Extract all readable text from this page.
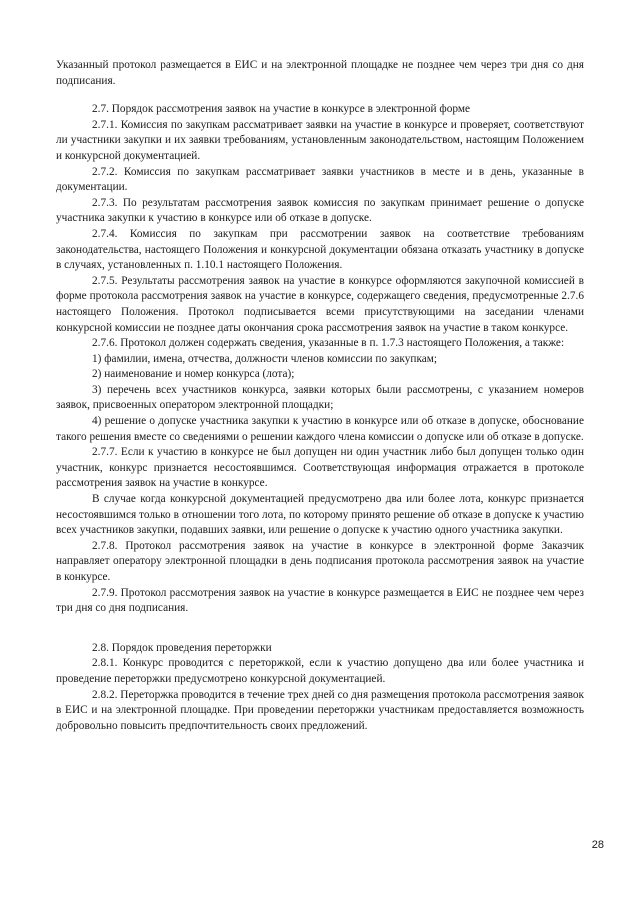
Указанный протокол размещается в ЕИС и на электронной площадке не позднее чем через три дня со дня подписания.

2.7. Порядок рассмотрения заявок на участие в конкурсе в электронной форме

2.7.1. Комиссия по закупкам рассматривает заявки на участие в конкурсе и проверяет, соответствуют ли участники закупки и их заявки требованиям, установленным законодательством, настоящим Положением и конкурсной документацией.

2.7.2. Комиссия по закупкам рассматривает заявки участников в месте и в день, указанные в документации.

2.7.3. По результатам рассмотрения заявок комиссия по закупкам принимает решение о допуске участника закупки к участию в конкурсе или об отказе в допуске.

2.7.4. Комиссия по закупкам при рассмотрении заявок на соответствие требованиям законодательства, настоящего Положения и конкурсной документации обязана отказать участнику в допуске в случаях, установленных п. 1.10.1 настоящего Положения.

2.7.5. Результаты рассмотрения заявок на участие в конкурсе оформляются закупочной комиссией в форме протокола рассмотрения заявок на участие в конкурсе, содержащего сведения, предусмотренные 2.7.6 настоящего Положения. Протокол подписывается всеми присутствующими на заседании членами конкурсной комиссии не позднее даты окончания срока рассмотрения заявок на участие в таком конкурсе.

2.7.6. Протокол должен содержать сведения, указанные в п. 1.7.3 настоящего Положения, а также:

1) фамилии, имена, отчества, должности членов комиссии по закупкам;

2) наименование и номер конкурса (лота);

3) перечень всех участников конкурса, заявки которых были рассмотрены, с указанием номеров заявок, присвоенных оператором электронной площадки;

4) решение о допуске участника закупки к участию в конкурсе или об отказе в допуске, обоснование такого решения вместе со сведениями о решении каждого члена комиссии о допуске или об отказе в допуске.

2.7.7. Если к участию в конкурсе не был допущен ни один участник либо был допущен только один участник, конкурс признается несостоявшимся. Соответствующая информация отражается в протоколе рассмотрения заявок на участие в конкурсе.

В случае когда конкурсной документацией предусмотрено два или более лота, конкурс признается несостоявшимся только в отношении того лота, по которому принято решение об отказе в допуске к участию всех участников закупки, подавших заявки, или решение о допуске к участию одного участника закупки.

2.7.8. Протокол рассмотрения заявок на участие в конкурсе в электронной форме Заказчик направляет оператору электронной площадки в день подписания протокола рассмотрения заявок на участие в конкурсе.

2.7.9. Протокол рассмотрения заявок на участие в конкурсе размещается в ЕИС не позднее чем через три дня со дня подписания.

2.8. Порядок проведения переторжки

2.8.1. Конкурс проводится с переторжкой, если к участию допущено два или более участника и проведение переторжки предусмотрено конкурсной документацией.

2.8.2. Переторжка проводится в течение трех дней со дня размещения протокола рассмотрения заявок в ЕИС и на электронной площадке. При проведении переторжки участникам предоставляется возможность добровольно повысить предпочтительность своих предложений.

28
